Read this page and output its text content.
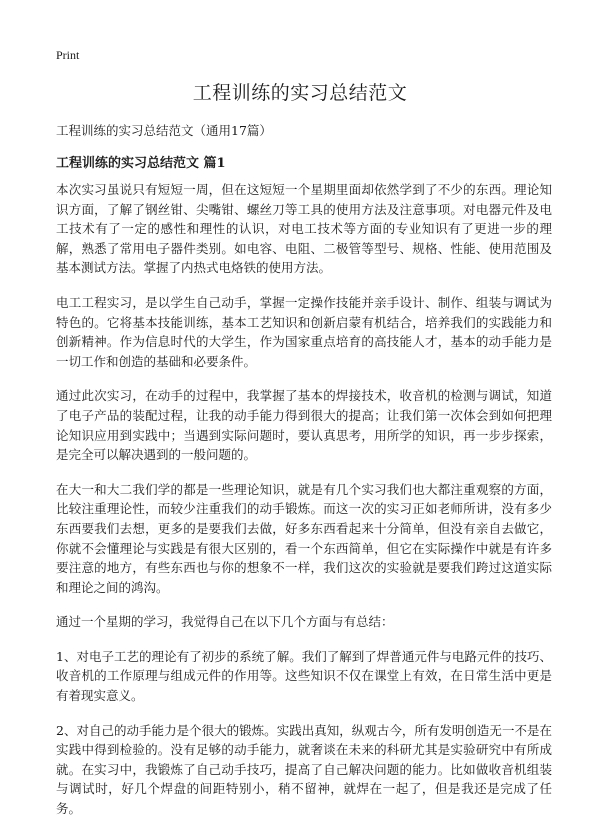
Print
工程训练的实习总结范文

工程训练的实习总结范文（通用17篇）

工程训练的实习总结范文 篇1

本次实习虽说只有短短一周，但在这短短一个星期里面却依然学到了不少的东西。理论知识方面，了解了钢丝钳、尖嘴钳、螺丝刀等工具的使用方法及注意事项。对电器元件及电工技术有了一定的感性和理性的认识，对电工技术等方面的专业知识有了更进一步的理解，熟悉了常用电子器件类别。如电容、电阻、二极管等型号、规格、性能、使用范围及基本测试方法。掌握了内热式电烙铁的使用方法。

电工工程实习，是以学生自己动手，掌握一定操作技能并亲手设计、制作、组装与调试为特色的。它将基本技能训练，基本工艺知识和创新启蒙有机结合，培养我们的实践能力和创新精神。作为信息时代的大学生，作为国家重点培育的高技能人才，基本的动手能力是一切工作和创造的基础和必要条件。

通过此次实习，在动手的过程中，我掌握了基本的焊接技术，收音机的检测与调试，知道了电子产品的装配过程，让我的动手能力得到很大的提高；让我们第一次体会到如何把理论知识应用到实践中；当遇到实际问题时，要认真思考，用所学的知识，再一步步探索，是完全可以解决遇到的一般问题的。

在大一和大二我们学的都是一些理论知识，就是有几个实习我们也大都注重观察的方面，比较注重理论性，而较少注重我们的动手锻炼。而这一次的实习正如老师所讲，没有多少东西要我们去想，更多的是要我们去做，好多东西看起来十分简单，但没有亲自去做它，你就不会懂理论与实践是有很大区别的，看一个东西简单，但它在实际操作中就是有许多要注意的地方，有些东西也与你的想象不一样，我们这次的实验就是要我们跨过这道实际和理论之间的鸿沟。

通过一个星期的学习，我觉得自己在以下几个方面与有总结：

1、对电子工艺的理论有了初步的系统了解。我们了解到了焊普通元件与电路元件的技巧、收音机的工作原理与组成元件的作用等。这些知识不仅在课堂上有效，在日常生活中更是有着现实意义。

2、对自己的动手能力是个很大的锻炼。实践出真知，纵观古今，所有发明创造无一不是在实践中得到检验的。没有足够的动手能力，就奢谈在未来的科研尤其是实验研究中有所成就。在实习中，我锻炼了自己动手技巧，提高了自己解决问题的能力。比如做收音机组装与调试时，好几个焊盘的间距特别小，稍不留神，就焊在一起了，但是我还是完成了任务。
